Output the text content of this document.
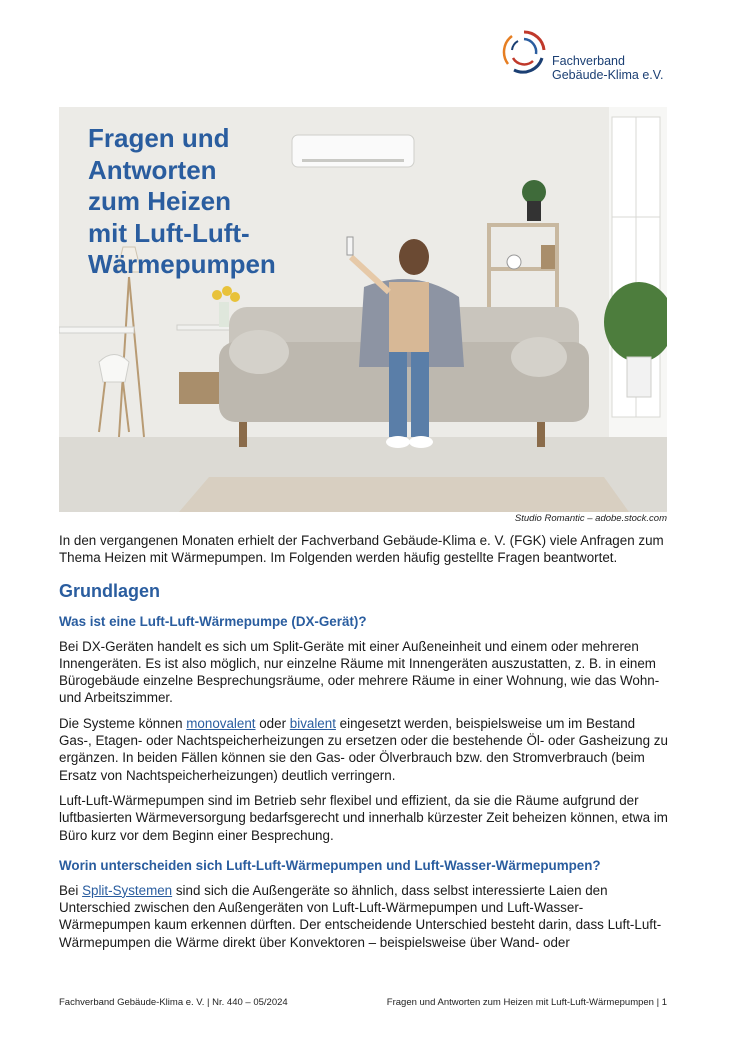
Fachverband
Gebäude-Klima e.V.
Fragen und
Antworten
zum Heizen
mit Luft-Luft-
Wärmepumpen
Studio Romantic – adobe.stock.com

In den vergangenen Monaten erhielt der Fachverband Gebäude-Klima e. V. (FGK) viele Anfragen zum Thema Heizen mit Wärmepumpen. Im Folgenden werden häufig gestellte Fragen beantwortet.

Grundlagen
Was ist eine Luft-Luft-Wärmepumpe (DX-Gerät)?

Bei DX-Geräten handelt es sich um Split-Geräte mit einer Außeneinheit und einem oder mehreren Innengeräten. Es ist also möglich, nur einzelne Räume mit Innengeräten auszustatten, z. B. in einem Bürogebäude einzelne Besprechungsräume, oder mehrere Räume in einer Wohnung, wie das Wohn- und Arbeitszimmer.

Die Systeme können monovalent oder bivalent eingesetzt werden, beispielsweise um im Bestand Gas-, Etagen- oder Nachtspeicherheizungen zu ersetzen oder die bestehende Öl- oder Gasheizung zu ergänzen. In beiden Fällen können sie den Gas- oder Ölverbrauch bzw. den Stromverbrauch (beim Ersatz von Nachtspeicherheizungen) deutlich verringern.

Luft-Luft-Wärmepumpen sind im Betrieb sehr flexibel und effizient, da sie die Räume aufgrund der luftbasierten Wärmeversorgung bedarfsgerecht und innerhalb kürzester Zeit beheizen können, etwa im Büro kurz vor dem Beginn einer Besprechung.

Worin unterscheiden sich Luft-Luft-Wärmepumpen und Luft-Wasser-Wärmepumpen?

Bei Split-Systemen sind sich die Außengeräte so ähnlich, dass selbst interessierte Laien den Unterschied zwischen den Außengeräten von Luft-Luft-Wärmepumpen und Luft-Wasser-Wärmepumpen kaum erkennen dürften. Der entscheidende Unterschied besteht darin, dass Luft-Luft-Wärmepumpen die Wärme direkt über Konvektoren – beispielsweise über Wand- oder

Fachverband Gebäude-Klima e. V. | Nr. 440 – 05/2024	Fragen und Antworten zum Heizen mit Luft-Luft-Wärmepumpen | 1
